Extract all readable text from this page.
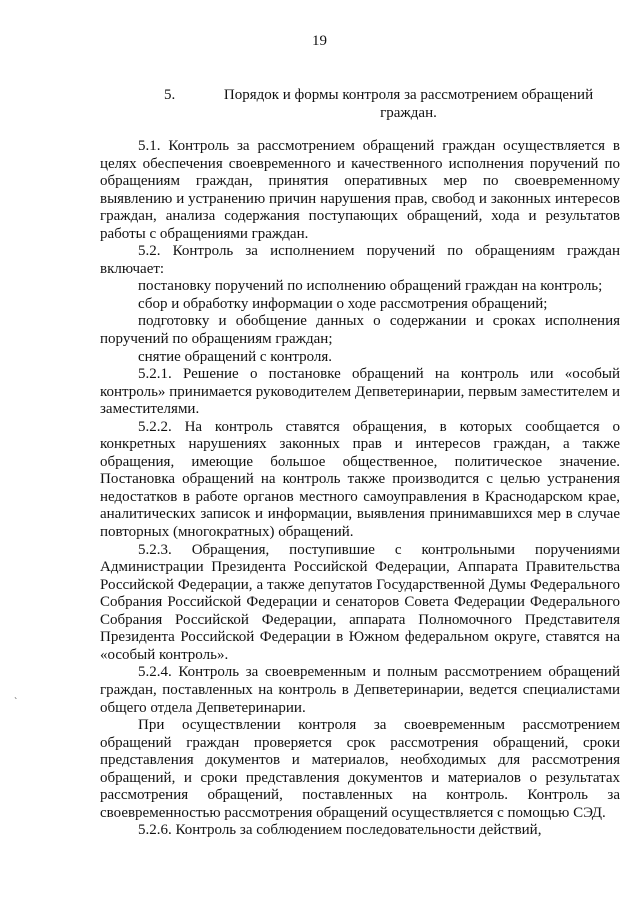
19
5.	Порядок и формы контроля за рассмотрением обращений граждан.

5.1. Контроль за рассмотрением обращений граждан осуществляется в целях обеспечения своевременного и качественного исполнения поручений по обращениям граждан, принятия оперативных мер по своевременному выявлению и устранению причин нарушения прав, свобод и законных интересов граждан, анализа содержания поступающих обращений, хода и результатов работы с обращениями граждан.

5.2. Контроль за исполнением поручений по обращениям граждан включает:

постановку поручений по исполнению обращений граждан на контроль;

сбор и обработку информации о ходе рассмотрения обращений;

подготовку и обобщение данных о содержании и сроках исполнения поручений по обращениям граждан;

снятие обращений с контроля.

5.2.1. Решение о постановке обращений на контроль или «особый контроль» принимается руководителем Депветеринарии, первым заместителем и заместителями.

5.2.2. На контроль ставятся обращения, в которых сообщается о конкретных нарушениях законных прав и интересов граждан, а также обращения, имеющие большое общественное, политическое значение. Постановка обращений на контроль также производится с целью устранения недостатков в работе органов местного самоуправления в Краснодарском крае, аналитических записок и информации, выявления принимавшихся мер в случае повторных (многократных) обращений.

5.2.3. Обращения, поступившие с контрольными поручениями Администрации Президента Российской Федерации, Аппарата Правительства Российской Федерации, а также депутатов Государственной Думы Федерального Собрания Российской Федерации и сенаторов Совета Федерации Федерального Собрания Российской Федерации, аппарата Полномочного Представителя Президента Российской Федерации в Южном федеральном округе, ставятся на «особый контроль».

5.2.4. Контроль за своевременным и полным рассмотрением обращений граждан, поставленных на контроль в Депветеринарии, ведется специалистами общего отдела Депветеринарии.

При осуществлении контроля за своевременным рассмотрением обращений граждан проверяется срок рассмотрения обращений, сроки представления документов и материалов, необходимых для рассмотрения обращений, и сроки представления документов и материалов о результатах рассмотрения обращений, поставленных на контроль. Контроль за своевременностью рассмотрения обращений осуществляется с помощью СЭД.

5.2.6. Контроль за соблюдением последовательности действий,

`
